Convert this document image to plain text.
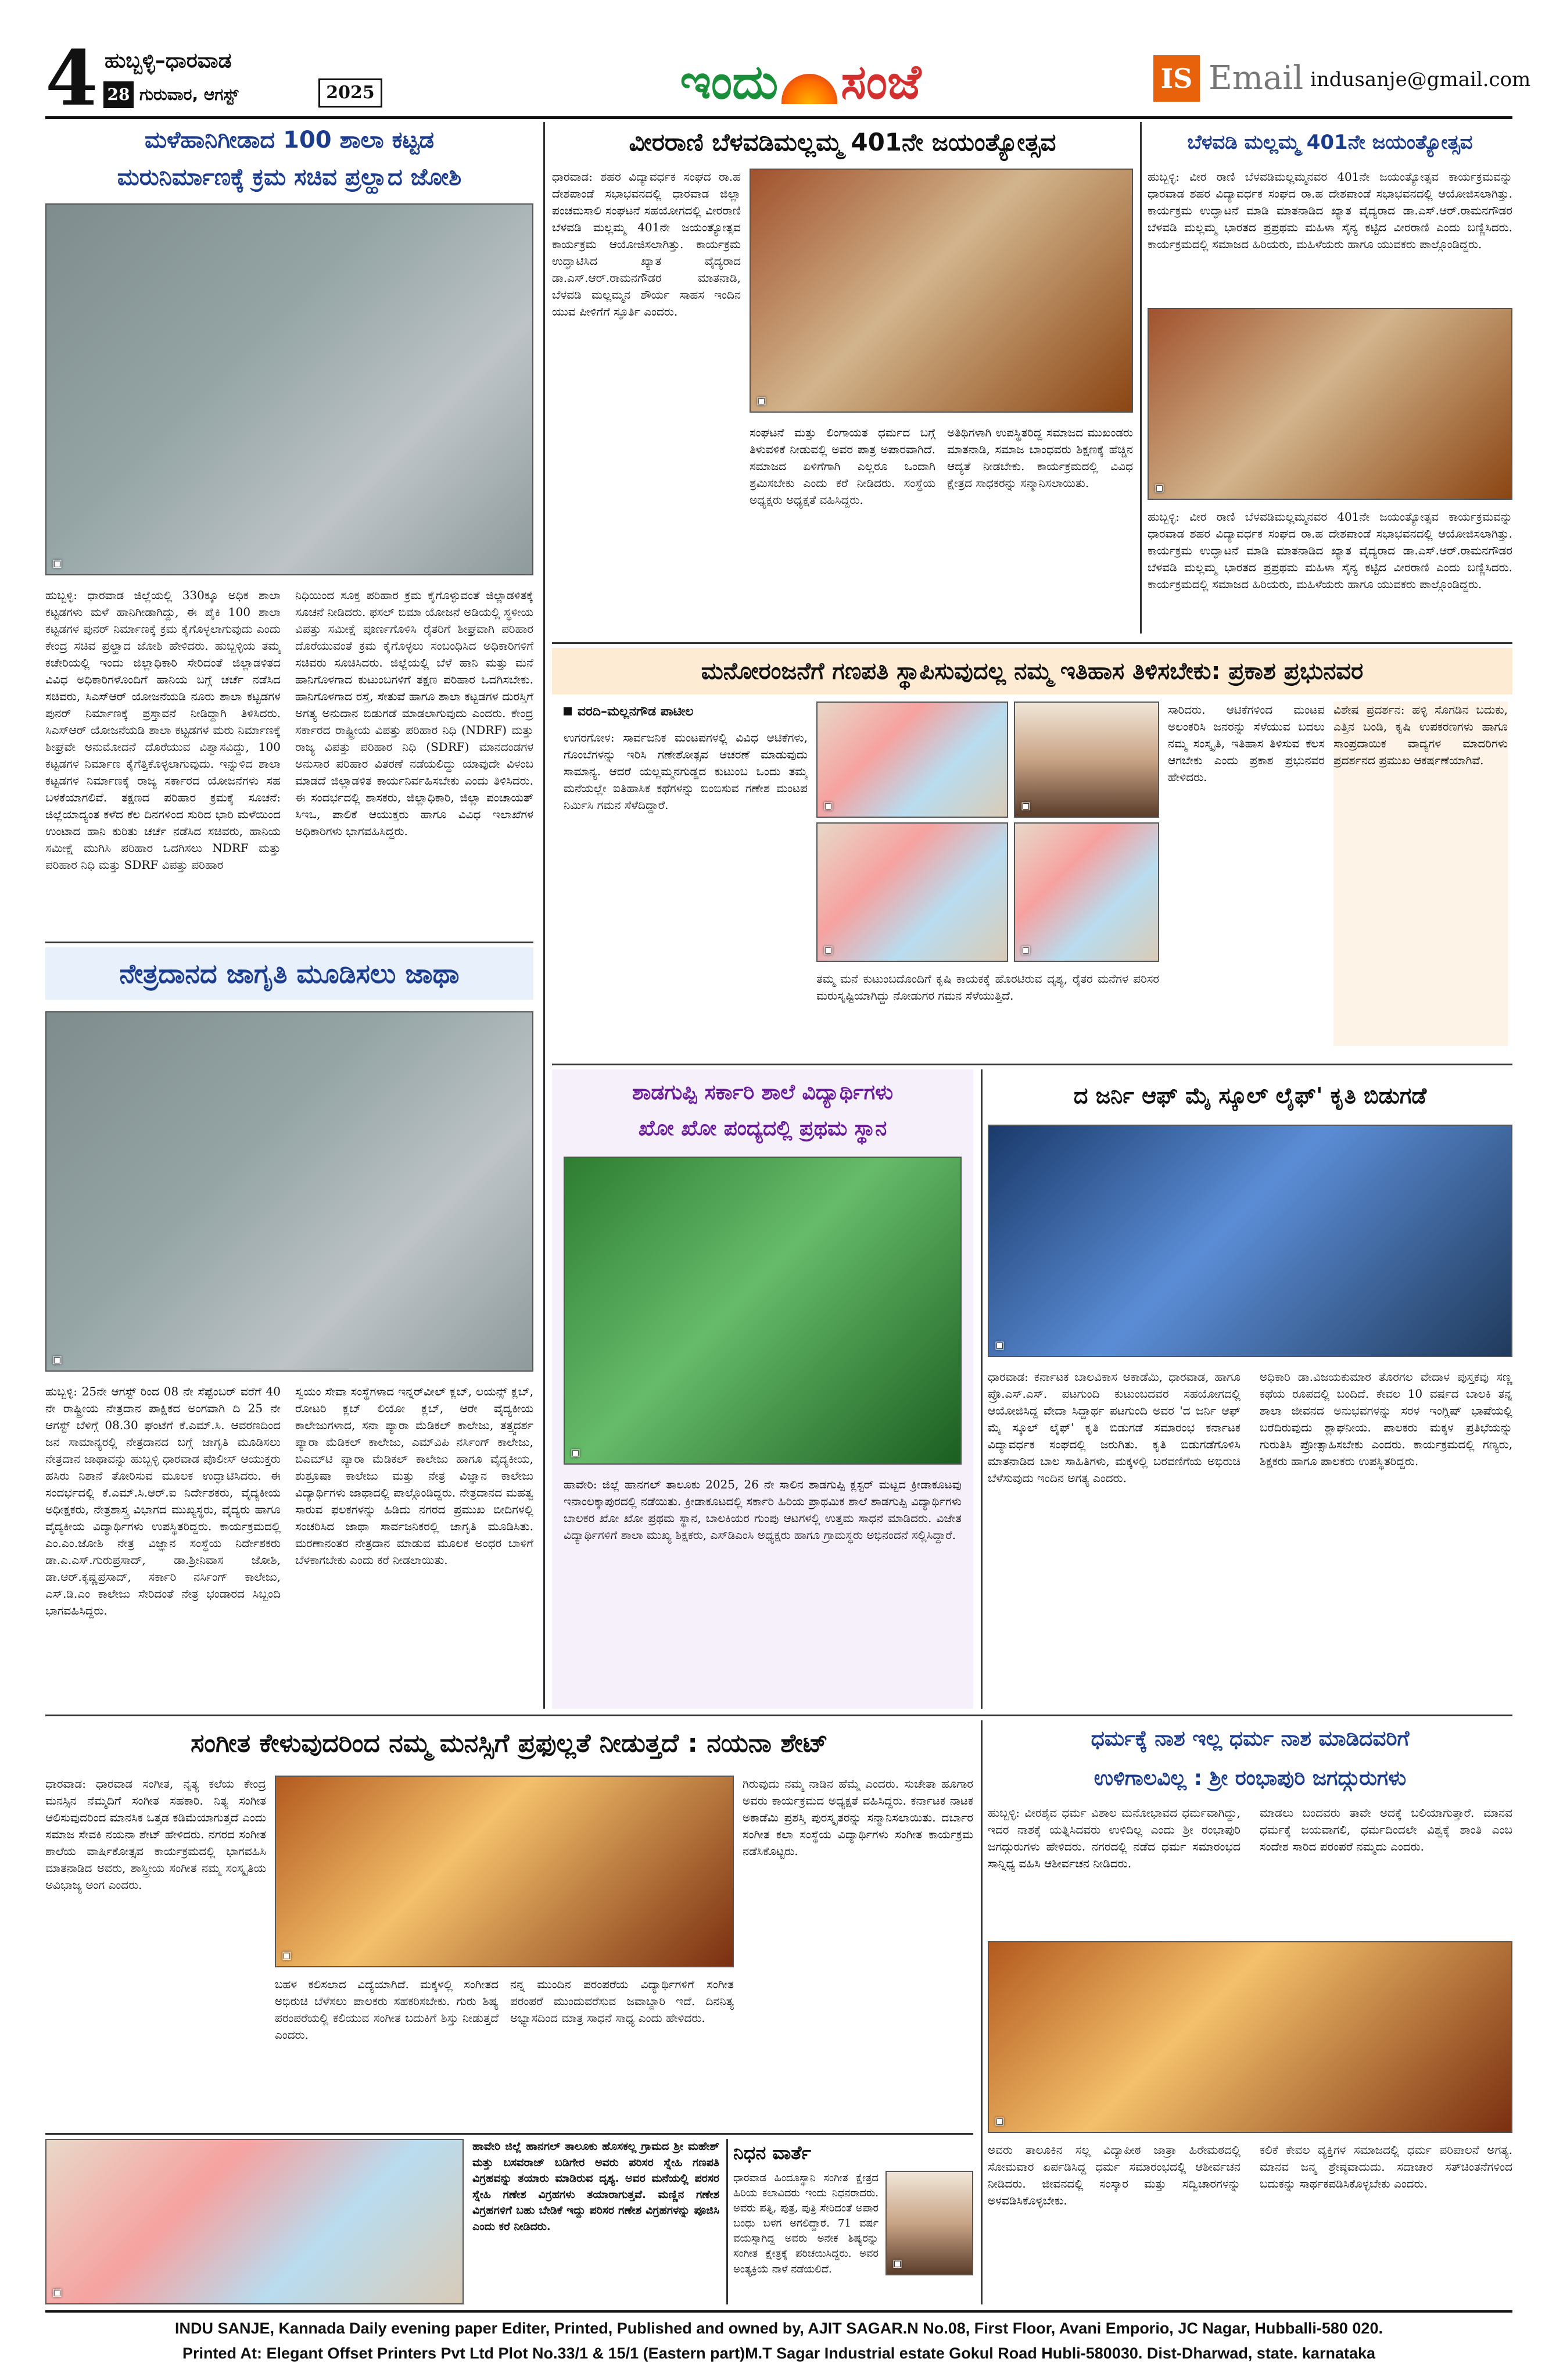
4 28
ಹುಬ್ಬಳ್ಳಿ–ಧಾರವಾಡ
ಗುರುವಾರ, ಆಗಸ್ಟ್	2025	ಇಂದು ಸಂಜೆ	IS Email indusanje@gmail.com
ಮಳೆಹಾನಿಗೀಡಾದ 100 ಶಾಲಾ ಕಟ್ಟಡ
ಮರುನಿರ್ಮಾಣಕ್ಕೆ ಕ್ರಮ ಸಚಿವ ಪ್ರಲ್ಹಾದ ಜೋಶಿ
▣
ಹುಬ್ಬಳ್ಳಿ: ಧಾರವಾಡ ಜಿಲ್ಲೆಯಲ್ಲಿ 330ಕ್ಕೂ ಅಧಿಕ ಶಾಲಾ ಕಟ್ಟಡಗಳು ಮಳೆ ಹಾನಿಗೀಡಾಗಿದ್ದು, ಈ ಪೈಕಿ 100 ಶಾಲಾ ಕಟ್ಟಡಗಳ ಪುನರ್ ನಿರ್ಮಾಣಕ್ಕೆ ಕ್ರಮ ಕೈಗೊಳ್ಳಲಾಗುವುದು ಎಂದು ಕೇಂದ್ರ ಸಚಿವ ಪ್ರಲ್ಹಾದ ಜೋಶಿ ಹೇಳಿದರು. ಹುಬ್ಬಳ್ಳಿಯ ತಮ್ಮ ಕಚೇರಿಯಲ್ಲಿ ಇಂದು ಜಿಲ್ಲಾಧಿಕಾರಿ ಸೇರಿದಂತೆ ಜಿಲ್ಲಾಡಳಿತದ ವಿವಿಧ ಅಧಿಕಾರಿಗಳೊಂದಿಗೆ ಹಾನಿಯ ಬಗ್ಗೆ ಚರ್ಚೆ ನಡೆಸಿದ ಸಚಿವರು, ಸಿಎಸ್‌ಆರ್ ಯೋಜನೆಯಡಿ ನೂರು ಶಾಲಾ ಕಟ್ಟಡಗಳ ಪುನರ್ ನಿರ್ಮಾಣಕ್ಕೆ ಪ್ರಸ್ತಾವನೆ ನೀಡಿದ್ದಾಗಿ ತಿಳಿಸಿದರು. ಸಿಎಸ್‌ಆರ್ ಯೋಜನೆಯಡಿ ಶಾಲಾ ಕಟ್ಟಡಗಳ ಮರು ನಿರ್ಮಾಣಕ್ಕೆ ಶೀಘ್ರವೇ ಅನುಮೋದನೆ ದೊರೆಯುವ ವಿಶ್ವಾಸವಿದ್ದು, 100 ಕಟ್ಟಡಗಳ ನಿರ್ಮಾಣ ಕೈಗೆತ್ತಿಕೊಳ್ಳಲಾಗುವುದು. ಇನ್ನುಳಿದ ಶಾಲಾ ಕಟ್ಟಡಗಳ ನಿರ್ಮಾಣಕ್ಕೆ ರಾಜ್ಯ ಸರ್ಕಾರದ ಯೋಜನೆಗಳು ಸಹ ಬಳಕೆಯಾಗಲಿವೆ. ತಕ್ಷಣದ ಪರಿಹಾರ ಕ್ರಮಕ್ಕೆ ಸೂಚನೆ: ಜಿಲ್ಲೆಯಾದ್ಯಂತ ಕಳೆದ ಕೆಲ ದಿನಗಳಿಂದ ಸುರಿದ ಭಾರಿ ಮಳೆಯಿಂದ ಉಂಟಾದ ಹಾನಿ ಕುರಿತು ಚರ್ಚೆ ನಡೆಸಿದ ಸಚಿವರು, ಹಾನಿಯ ಸಮೀಕ್ಷೆ ಮುಗಿಸಿ ಪರಿಹಾರ ಒದಗಿಸಲು NDRF ಮತ್ತು ಪರಿಹಾರ ನಿಧಿ ಮತ್ತು SDRF ವಿಪತ್ತು ಪರಿಹಾರ
ನಿಧಿಯಿಂದ ಸೂಕ್ತ ಪರಿಹಾರ ಕ್ರಮ ಕೈಗೊಳ್ಳುವಂತೆ ಜಿಲ್ಲಾಡಳಿತಕ್ಕೆ ಸೂಚನೆ ನೀಡಿದರು. ಫಸಲ್ ಬಿಮಾ ಯೋಜನೆ ಅಡಿಯಲ್ಲಿ ಸ್ಥಳೀಯ ವಿಪತ್ತು ಸಮೀಕ್ಷೆ ಪೂರ್ಣಗೊಳಿಸಿ ರೈತರಿಗೆ ಶೀಘ್ರವಾಗಿ ಪರಿಹಾರ ದೊರೆಯುವಂತೆ ಕ್ರಮ ಕೈಗೊಳ್ಳಲು ಸಂಬಂಧಿಸಿದ ಅಧಿಕಾರಿಗಳಿಗೆ ಸಚಿವರು ಸೂಚಿಸಿದರು. ಜಿಲ್ಲೆಯಲ್ಲಿ ಬೆಳೆ ಹಾನಿ ಮತ್ತು ಮನೆ ಹಾನಿಗೊಳಗಾದ ಕುಟುಂಬಗಳಿಗೆ ತಕ್ಷಣ ಪರಿಹಾರ ಒದಗಿಸಬೇಕು. ಹಾನಿಗೊಳಗಾದ ರಸ್ತೆ, ಸೇತುವೆ ಹಾಗೂ ಶಾಲಾ ಕಟ್ಟಡಗಳ ದುರಸ್ತಿಗೆ ಅಗತ್ಯ ಅನುದಾನ ಬಿಡುಗಡೆ ಮಾಡಲಾಗುವುದು ಎಂದರು. ಕೇಂದ್ರ ಸರ್ಕಾರದ ರಾಷ್ಟ್ರೀಯ ವಿಪತ್ತು ಪರಿಹಾರ ನಿಧಿ (NDRF) ಮತ್ತು ರಾಜ್ಯ ವಿಪತ್ತು ಪರಿಹಾರ ನಿಧಿ (SDRF) ಮಾನದಂಡಗಳ ಅನುಸಾರ ಪರಿಹಾರ ವಿತರಣೆ ನಡೆಯಲಿದ್ದು ಯಾವುದೇ ವಿಳಂಬ ಮಾಡದೆ ಜಿಲ್ಲಾಡಳಿತ ಕಾರ್ಯನಿರ್ವಹಿಸಬೇಕು ಎಂದು ತಿಳಿಸಿದರು. ಈ ಸಂದರ್ಭದಲ್ಲಿ ಶಾಸಕರು, ಜಿಲ್ಲಾಧಿಕಾರಿ, ಜಿಲ್ಲಾ ಪಂಚಾಯತ್ ಸಿಇಒ, ಪಾಲಿಕೆ ಆಯುಕ್ತರು ಹಾಗೂ ವಿವಿಧ ಇಲಾಖೆಗಳ ಅಧಿಕಾರಿಗಳು ಭಾಗವಹಿಸಿದ್ದರು.
ನೇತ್ರದಾನದ ಜಾಗೃತಿ ಮೂಡಿಸಲು ಜಾಥಾ
▣
ಹುಬ್ಬಳ್ಳಿ: 25ನೇ ಆಗಸ್ಟ್ ರಿಂದ 08 ನೇ ಸೆಪ್ಟೆಂಬರ್ ವರೆಗೆ 40 ನೇ ರಾಷ್ಟ್ರೀಯ ನೇತ್ರದಾನ ಪಾಕ್ಷಿಕದ ಅಂಗವಾಗಿ ದಿ 25 ನೇ ಆಗಸ್ಟ್ ಬೆಳಿಗ್ಗೆ 08.30 ಘಂಟೆಗೆ ಕೆ.ಎಮ್.ಸಿ. ಆವರಣದಿಂದ ಜನ ಸಾಮಾನ್ಯರಲ್ಲಿ ನೇತ್ರದಾನದ ಬಗ್ಗೆ ಜಾಗೃತಿ ಮೂಡಿಸಲು ನೇತ್ರದಾನ ಜಾಥಾವನ್ನು ಹುಬ್ಬಳ್ಳಿ ಧಾರವಾಡ ಪೊಲೀಸ್ ಆಯುಕ್ತರು ಹಸಿರು ನಿಶಾನೆ ತೋರಿಸುವ ಮೂಲಕ ಉದ್ಘಾಟಿಸಿದರು. ಈ ಸಂದರ್ಭದಲ್ಲಿ ಕೆ.ಎಮ್.ಸಿ.ಆರ್.ಐ ನಿರ್ದೇಶಕರು, ವೈದ್ಯಕೀಯ ಅಧೀಕ್ಷಕರು, ನೇತ್ರಶಾಸ್ತ್ರ ವಿಭಾಗದ ಮುಖ್ಯಸ್ಥರು, ವೈದ್ಯರು ಹಾಗೂ ವೈದ್ಯಕೀಯ ವಿದ್ಯಾರ್ಥಿಗಳು ಉಪಸ್ಥಿತರಿದ್ದರು. ಕಾರ್ಯಕ್ರಮದಲ್ಲಿ ಎಂ.ಎಂ.ಜೋಶಿ ನೇತ್ರ ವಿಜ್ಞಾನ ಸಂಸ್ಥೆಯ ನಿರ್ದೇಶಕರು ಡಾ.ಎ.ಎಸ್.ಗುರುಪ್ರಸಾದ್, ಡಾ.ಶ್ರೀನಿವಾಸ ಜೋಶಿ, ಡಾ.ಆರ್.ಕೃಷ್ಣಪ್ರಸಾದ್, ಸರ್ಕಾರಿ ನರ್ಸಿಂಗ್ ಕಾಲೇಜು, ಎಸ್.ಡಿ.ಎಂ ಕಾಲೇಜು ಸೇರಿದಂತೆ ನೇತ್ರ ಭಂಡಾರದ ಸಿಬ್ಬಂದಿ ಭಾಗವಹಿಸಿದ್ದರು.
ಸ್ವಯಂ ಸೇವಾ ಸಂಸ್ಥೆಗಳಾದ ಇನ್ನರ್‌ವೀಲ್ ಕ್ಲಬ್, ಲಯನ್ಸ್ ಕ್ಲಬ್, ರೋಟರಿ ಕ್ಲಬ್ ಲಿಯೋ ಕ್ಲಬ್, ಆರೇ ವೈದ್ಯಕೀಯ ಕಾಲೇಜುಗಳಾದ, ಸನಾ ಪ್ಯಾರಾ ಮೆಡಿಕಲ್ ಕಾಲೇಜು, ತತ್ತ್ವದರ್ಶ ಪ್ಯಾರಾ ಮೆಡಿಕಲ್ ಕಾಲೇಜು, ಎಮ್‌ವಿಪಿ ನರ್ಸಿಂಗ್ ಕಾಲೇಜು, ಬಿಎಮ್‌ಟಿ ಪ್ಯಾರಾ ಮೆಡಿಕಲ್ ಕಾಲೇಜು ಹಾಗೂ ವೈದ್ಯಕೀಯ, ಶುಶ್ರೂಷಾ ಕಾಲೇಜು ಮತ್ತು ನೇತ್ರ ವಿಜ್ಞಾನ ಕಾಲೇಜು ವಿದ್ಯಾರ್ಥಿಗಳು ಜಾಥಾದಲ್ಲಿ ಪಾಲ್ಗೊಂಡಿದ್ದರು. ನೇತ್ರದಾನದ ಮಹತ್ವ ಸಾರುವ ಫಲಕಗಳನ್ನು ಹಿಡಿದು ನಗರದ ಪ್ರಮುಖ ಬೀದಿಗಳಲ್ಲಿ ಸಂಚರಿಸಿದ ಜಾಥಾ ಸಾರ್ವಜನಿಕರಲ್ಲಿ ಜಾಗೃತಿ ಮೂಡಿಸಿತು. ಮರಣಾನಂತರ ನೇತ್ರದಾನ ಮಾಡುವ ಮೂಲಕ ಅಂಧರ ಬಾಳಿಗೆ ಬೆಳಕಾಗಬೇಕು ಎಂದು ಕರೆ ನೀಡಲಾಯಿತು.
ವೀರರಾಣಿ ಬೆಳವಡಿಮಲ್ಲಮ್ಮ 401ನೇ ಜಯಂತ್ಯೋತ್ಸವ
ಧಾರವಾಡ: ಶಹರ ವಿದ್ಯಾವರ್ಧಕ ಸಂಘದ ರಾ.ಹ ದೇಶಪಾಂಡೆ ಸಭಾಭವನದಲ್ಲಿ ಧಾರವಾಡ ಜಿಲ್ಲಾ ಪಂಚಮಸಾಲಿ ಸಂಘಟನೆ ಸಹಯೋಗದಲ್ಲಿ ವೀರರಾಣಿ ಬೆಳವಡಿ ಮಲ್ಲಮ್ಮ 401ನೇ ಜಯಂತ್ಯೋತ್ಸವ ಕಾರ್ಯಕ್ರಮ ಆಯೋಜಿಸಲಾಗಿತ್ತು. ಕಾರ್ಯಕ್ರಮ ಉದ್ಘಾಟಿಸಿದ ಖ್ಯಾತ ವೈದ್ಯರಾದ ಡಾ.ಎಸ್.ಆರ್.ರಾಮನಗೌಡರ ಮಾತನಾಡಿ, ಬೆಳವಡಿ ಮಲ್ಲಮ್ಮನ ಶೌರ್ಯ ಸಾಹಸ ಇಂದಿನ ಯುವ ಪೀಳಿಗೆಗೆ ಸ್ಫೂರ್ತಿ ಎಂದರು.
▣
ಸಂಘಟನೆ ಮತ್ತು ಲಿಂಗಾಯತ ಧರ್ಮದ ಬಗ್ಗೆ ತಿಳುವಳಿಕೆ ನೀಡುವಲ್ಲಿ ಅವರ ಪಾತ್ರ ಅಪಾರವಾಗಿದೆ. ಸಮಾಜದ ಏಳಿಗೆಗಾಗಿ ಎಲ್ಲರೂ ಒಂದಾಗಿ ಶ್ರಮಿಸಬೇಕು ಎಂದು ಕರೆ ನೀಡಿದರು. ಸಂಸ್ಥೆಯ ಅಧ್ಯಕ್ಷರು ಅಧ್ಯಕ್ಷತೆ ವಹಿಸಿದ್ದರು.
ಅತಿಥಿಗಳಾಗಿ ಉಪಸ್ಥಿತರಿದ್ದ ಸಮಾಜದ ಮುಖಂಡರು ಮಾತನಾಡಿ, ಸಮಾಜ ಬಾಂಧವರು ಶಿಕ್ಷಣಕ್ಕೆ ಹೆಚ್ಚಿನ ಆದ್ಯತೆ ನೀಡಬೇಕು. ಕಾರ್ಯಕ್ರಮದಲ್ಲಿ ವಿವಿಧ ಕ್ಷೇತ್ರದ ಸಾಧಕರನ್ನು ಸನ್ಮಾನಿಸಲಾಯಿತು.
ಬೆಳವಡಿ ಮಲ್ಲಮ್ಮ 401ನೇ ಜಯಂತ್ಯೋತ್ಸವ
ಹುಬ್ಬಳ್ಳಿ: ವೀರ ರಾಣಿ ಬೆಳವಡಿಮಲ್ಲಮ್ಮನವರ 401ನೇ ಜಯಂತ್ಯೋತ್ಸವ ಕಾರ್ಯಕ್ರಮವನ್ನು ಧಾರವಾಡ ಶಹರ ವಿದ್ಯಾವರ್ಧಕ ಸಂಘದ ರಾ.ಹ ದೇಶಪಾಂಡೆ ಸಭಾಭವನದಲ್ಲಿ ಆಯೋಜಿಸಲಾಗಿತ್ತು. ಕಾರ್ಯಕ್ರಮ ಉದ್ಘಾಟನೆ ಮಾಡಿ ಮಾತನಾಡಿದ ಖ್ಯಾತ ವೈದ್ಯರಾದ ಡಾ.ಎಸ್.ಆರ್.ರಾಮನಗೌಡರ ಬೆಳವಡಿ ಮಲ್ಲಮ್ಮ ಭಾರತದ ಪ್ರಪ್ರಥಮ ಮಹಿಳಾ ಸೈನ್ಯ ಕಟ್ಟಿದ ವೀರರಾಣಿ ಎಂದು ಬಣ್ಣಿಸಿದರು. ಕಾರ್ಯಕ್ರಮದಲ್ಲಿ ಸಮಾಜದ ಹಿರಿಯರು, ಮಹಿಳೆಯರು ಹಾಗೂ ಯುವಕರು ಪಾಲ್ಗೊಂಡಿದ್ದರು.
▣
ಹುಬ್ಬಳ್ಳಿ: ವೀರ ರಾಣಿ ಬೆಳವಡಿಮಲ್ಲಮ್ಮನವರ 401ನೇ ಜಯಂತ್ಯೋತ್ಸವ ಕಾರ್ಯಕ್ರಮವನ್ನು ಧಾರವಾಡ ಶಹರ ವಿದ್ಯಾವರ್ಧಕ ಸಂಘದ ರಾ.ಹ ದೇಶಪಾಂಡೆ ಸಭಾಭವನದಲ್ಲಿ ಆಯೋಜಿಸಲಾಗಿತ್ತು. ಕಾರ್ಯಕ್ರಮ ಉದ್ಘಾಟನೆ ಮಾಡಿ ಮಾತನಾಡಿದ ಖ್ಯಾತ ವೈದ್ಯರಾದ ಡಾ.ಎಸ್.ಆರ್.ರಾಮನಗೌಡರ ಬೆಳವಡಿ ಮಲ್ಲಮ್ಮ ಭಾರತದ ಪ್ರಪ್ರಥಮ ಮಹಿಳಾ ಸೈನ್ಯ ಕಟ್ಟಿದ ವೀರರಾಣಿ ಎಂದು ಬಣ್ಣಿಸಿದರು. ಕಾರ್ಯಕ್ರಮದಲ್ಲಿ ಸಮಾಜದ ಹಿರಿಯರು, ಮಹಿಳೆಯರು ಹಾಗೂ ಯುವಕರು ಪಾಲ್ಗೊಂಡಿದ್ದರು.
ಮನೋರಂಜನೆಗೆ ಗಣಪತಿ ಸ್ಥಾಪಿಸುವುದಲ್ಲ ನಮ್ಮ ಇತಿಹಾಸ ತಿಳಿಸಬೇಕು: ಪ್ರಕಾಶ ಪ್ರಭುನವರ
ವರದಿ–ಮಲ್ಲನಗೌಡ ಪಾಟೀಲ
ಉಗರಗೋಳ: ಸಾರ್ವಜನಿಕ ಮಂಟಪಗಳಲ್ಲಿ ವಿವಿಧ ಆಟಿಕೆಗಳು, ಗೊಂಬೆಗಳನ್ನು ಇರಿಸಿ ಗಣೇಶೋತ್ಸವ ಆಚರಣೆ ಮಾಡುವುದು ಸಾಮಾನ್ಯ. ಆದರೆ ಯಲ್ಲಮ್ಮನಗುಡ್ಡದ ಕುಟುಂಬ ಒಂದು ತಮ್ಮ ಮನೆಯಲ್ಲೇ ಐತಿಹಾಸಿಕ ಕಥೆಗಳನ್ನು ಬಿಂಬಿಸುವ ಗಣೇಶ ಮಂಟಪ ನಿರ್ಮಿಸಿ ಗಮನ ಸೆಳೆದಿದ್ದಾರೆ.	▣
▣
▣
▣
ತಮ್ಮ ಮನೆ ಕುಟುಂಬದೊಂದಿಗೆ ಕೃಷಿ ಕಾಯಕಕ್ಕೆ ಹೊರಟಿರುವ ದೃಶ್ಯ, ರೈತರ ಮನೆಗಳ ಪರಿಸರ ಮರುಸೃಷ್ಟಿಯಾಗಿದ್ದು ನೋಡುಗರ ಗಮನ ಸೆಳೆಯುತ್ತಿದೆ.
ಸಾರಿದರು. ಆಟಿಕೆಗಳಿಂದ ಮಂಟಪ ಅಲಂಕರಿಸಿ ಜನರನ್ನು ಸೆಳೆಯುವ ಬದಲು ನಮ್ಮ ಸಂಸ್ಕೃತಿ, ಇತಿಹಾಸ ತಿಳಿಸುವ ಕೆಲಸ ಆಗಬೇಕು ಎಂದು ಪ್ರಕಾಶ ಪ್ರಭುನವರ ಹೇಳಿದರು.
ವಿಶೇಷ ಪ್ರದರ್ಶನ: ಹಳ್ಳಿ ಸೊಗಡಿನ ಬದುಕು, ಎತ್ತಿನ ಬಂಡಿ, ಕೃಷಿ ಉಪಕರಣಗಳು ಹಾಗೂ ಸಾಂಪ್ರದಾಯಿಕ ವಾದ್ಯಗಳ ಮಾದರಿಗಳು ಪ್ರದರ್ಶನದ ಪ್ರಮುಖ ಆಕರ್ಷಣೆಯಾಗಿವೆ.
ಶಾಡಗುಪ್ಪಿ ಸರ್ಕಾರಿ ಶಾಲೆ ವಿದ್ಯಾರ್ಥಿಗಳು
ಖೋ ಖೋ ಪಂದ್ಯದಲ್ಲಿ ಪ್ರಥಮ ಸ್ಥಾನ
▣
ಹಾವೇರಿ: ಜಿಲ್ಲೆ ಹಾನಗಲ್ ತಾಲೂಕು 2025, 26 ನೇ ಸಾಲಿನ ಶಾಡಗುಪ್ಪಿ ಕ್ಲಸ್ಟರ್ ಮಟ್ಟದ ಕ್ರೀಡಾಕೂಟವು ಇನಾಂಲಕ್ಕಾಪುರದಲ್ಲಿ ನಡೆಯಿತು. ಕ್ರೀಡಾಕೂಟದಲ್ಲಿ ಸರ್ಕಾರಿ ಹಿರಿಯ ಪ್ರಾಥಮಿಕ ಶಾಲೆ ಶಾಡಗುಪ್ಪಿ ವಿದ್ಯಾರ್ಥಿಗಳು ಬಾಲಕರ ಖೋ ಖೋ ಪ್ರಥಮ ಸ್ಥಾನ, ಬಾಲಕಿಯರ ಗುಂಪು ಆಟಗಳಲ್ಲಿ ಉತ್ತಮ ಸಾಧನೆ ಮಾಡಿದರು. ವಿಜೇತ ವಿದ್ಯಾರ್ಥಿಗಳಿಗೆ ಶಾಲಾ ಮುಖ್ಯ ಶಿಕ್ಷಕರು, ಎಸ್‌ಡಿಎಂಸಿ ಅಧ್ಯಕ್ಷರು ಹಾಗೂ ಗ್ರಾಮಸ್ಥರು ಅಭಿನಂದನೆ ಸಲ್ಲಿಸಿದ್ದಾರೆ.
ದ ಜರ್ನಿ ಆಫ್ ಮೈ ಸ್ಕೂಲ್ ಲೈಫ್' ಕೃತಿ ಬಿಡುಗಡೆ
▣
ಧಾರವಾಡ: ಕರ್ನಾಟಕ ಬಾಲವಿಕಾಸ ಅಕಾಡೆಮಿ, ಧಾರವಾಡ, ಹಾಗೂ ಪ್ರೊ.ಎಸ್.ಎಸ್. ಪಟಗುಂದಿ ಕುಟುಂಬದವರ ಸಹಯೋಗದಲ್ಲಿ ಆಯೋಜಿಸಿದ್ದ ವೇದಾ ಸಿದ್ದಾರ್ಥ ಪಟಗುಂದಿ ಅವರ 'ದ ಜರ್ನಿ ಆಫ್ ಮೈ ಸ್ಕೂಲ್ ಲೈಫ್' ಕೃತಿ ಬಿಡುಗಡೆ ಸಮಾರಂಭ ಕರ್ನಾಟಕ ವಿದ್ಯಾವರ್ಧಕ ಸಂಘದಲ್ಲಿ ಜರುಗಿತು. ಕೃತಿ ಬಿಡುಗಡೆಗೊಳಿಸಿ ಮಾತನಾಡಿದ ಬಾಲ ಸಾಹಿತಿಗಳು, ಮಕ್ಕಳಲ್ಲಿ ಬರವಣಿಗೆಯ ಅಭಿರುಚಿ ಬೆಳೆಸುವುದು ಇಂದಿನ ಅಗತ್ಯ ಎಂದರು.
ಅಧಿಕಾರಿ ಡಾ.ವಿಜಯಕುಮಾರ ತೊರಗಲ ವೇದಾಳ ಪುಸ್ತಕವು ಸಣ್ಣ ಕಥೆಯ ರೂಪದಲ್ಲಿ ಬಂದಿದೆ. ಕೇವಲ 10 ವರ್ಷದ ಬಾಲಕಿ ತನ್ನ ಶಾಲಾ ಜೀವನದ ಅನುಭವಗಳನ್ನು ಸರಳ ಇಂಗ್ಲಿಷ್ ಭಾಷೆಯಲ್ಲಿ ಬರೆದಿರುವುದು ಶ್ಲಾಘನೀಯ. ಪಾಲಕರು ಮಕ್ಕಳ ಪ್ರತಿಭೆಯನ್ನು ಗುರುತಿಸಿ ಪ್ರೋತ್ಸಾಹಿಸಬೇಕು ಎಂದರು. ಕಾರ್ಯಕ್ರಮದಲ್ಲಿ ಗಣ್ಯರು, ಶಿಕ್ಷಕರು ಹಾಗೂ ಪಾಲಕರು ಉಪಸ್ಥಿತರಿದ್ದರು.
ಸಂಗೀತ ಕೇಳುವುದರಿಂದ ನಮ್ಮ ಮನಸ್ಸಿಗೆ ಪ್ರಫುಲ್ಲತೆ ನೀಡುತ್ತದೆ : ನಯನಾ ಶೇಟ್
ಧಾರವಾಡ: ಧಾರವಾಡ ಸಂಗೀತ, ನೃತ್ಯ ಕಲೆಯ ಕೇಂದ್ರ ಮನಸ್ಸಿನ ನೆಮ್ಮದಿಗೆ ಸಂಗೀತ ಸಹಕಾರಿ. ನಿತ್ಯ ಸಂಗೀತ ಆಲಿಸುವುದರಿಂದ ಮಾನಸಿಕ ಒತ್ತಡ ಕಡಿಮೆಯಾಗುತ್ತದೆ ಎಂದು ಸಮಾಜ ಸೇವಕಿ ನಯನಾ ಶೇಟ್ ಹೇಳಿದರು. ನಗರದ ಸಂಗೀತ ಶಾಲೆಯ ವಾರ್ಷಿಕೋತ್ಸವ ಕಾರ್ಯಕ್ರಮದಲ್ಲಿ ಭಾಗವಹಿಸಿ ಮಾತನಾಡಿದ ಅವರು, ಶಾಸ್ತ್ರೀಯ ಸಂಗೀತ ನಮ್ಮ ಸಂಸ್ಕೃತಿಯ ಅವಿಭಾಜ್ಯ ಅಂಗ ಎಂದರು.
▣
ಬಹಳ ಕಲಿಸಲಾದ ವಿದ್ಯೆಯಾಗಿದೆ. ಮಕ್ಕಳಲ್ಲಿ ಸಂಗೀತದ ಅಭಿರುಚಿ ಬೆಳೆಸಲು ಪಾಲಕರು ಸಹಕರಿಸಬೇಕು. ಗುರು ಶಿಷ್ಯ ಪರಂಪರೆಯಲ್ಲಿ ಕಲಿಯುವ ಸಂಗೀತ ಬದುಕಿಗೆ ಶಿಸ್ತು ನೀಡುತ್ತದೆ ಎಂದರು.
ನನ್ನ ಮುಂದಿನ ಪರಂಪರೆಯ ವಿದ್ಯಾರ್ಥಿಗಳಿಗೆ ಸಂಗೀತ ಪರಂಪರೆ ಮುಂದುವರೆಸುವ ಜವಾಬ್ದಾರಿ ಇದೆ. ದಿನನಿತ್ಯ ಅಭ್ಯಾಸದಿಂದ ಮಾತ್ರ ಸಾಧನೆ ಸಾಧ್ಯ ಎಂದು ಹೇಳಿದರು.
ಗಿರುವುದು ನಮ್ಮ ನಾಡಿನ ಹೆಮ್ಮೆ ಎಂದರು. ಸುಚೇತಾ ಹೂಗಾರ ಅವರು ಕಾರ್ಯಕ್ರಮದ ಅಧ್ಯಕ್ಷತೆ ವಹಿಸಿದ್ದರು. ಕರ್ನಾಟಕ ನಾಟಕ ಅಕಾಡೆಮಿ ಪ್ರಶಸ್ತಿ ಪುರಸ್ಕೃತರನ್ನು ಸನ್ಮಾನಿಸಲಾಯಿತು. ದರ್ಬಾರ ಸಂಗೀತ ಕಲಾ ಸಂಸ್ಥೆಯ ವಿದ್ಯಾರ್ಥಿಗಳು ಸಂಗೀತ ಕಾರ್ಯಕ್ರಮ ನಡೆಸಿಕೊಟ್ಟರು.
ಧರ್ಮಕ್ಕೆ ನಾಶ ಇಲ್ಲ ಧರ್ಮ ನಾಶ ಮಾಡಿದವರಿಗೆ
ಉಳಿಗಾಲವಿಲ್ಲ : ಶ್ರೀ ರಂಭಾಪುರಿ ಜಗದ್ಗುರುಗಳು
ಹುಬ್ಬಳ್ಳಿ: ವೀರಶೈವ ಧರ್ಮ ವಿಶಾಲ ಮನೋಭಾವದ ಧರ್ಮವಾಗಿದ್ದು, ಇದರ ನಾಶಕ್ಕೆ ಯತ್ನಿಸಿದವರು ಉಳಿದಿಲ್ಲ ಎಂದು ಶ್ರೀ ರಂಭಾಪುರಿ ಜಗದ್ಗುರುಗಳು ಹೇಳಿದರು. ನಗರದಲ್ಲಿ ನಡೆದ ಧರ್ಮ ಸಮಾರಂಭದ ಸಾನ್ನಿಧ್ಯ ವಹಿಸಿ ಆಶೀರ್ವಚನ ನೀಡಿದರು.
ಮಾಡಲು ಬಂದವರು ತಾವೇ ಅದಕ್ಕೆ ಬಲಿಯಾಗುತ್ತಾರೆ. ಮಾನವ ಧರ್ಮಕ್ಕೆ ಜಯವಾಗಲಿ, ಧರ್ಮದಿಂದಲೇ ವಿಶ್ವಕ್ಕೆ ಶಾಂತಿ ಎಂಬ ಸಂದೇಶ ಸಾರಿದ ಪರಂಪರೆ ನಮ್ಮದು ಎಂದರು.
▣
ಅವರು ತಾಲೂಕಿನ ಸಲ್ಲ ವಿದ್ಯಾಪೀಠ ಜಾತ್ರಾ ಹಿರೇಮಠದಲ್ಲಿ ಸೋಮವಾರ ಏರ್ಪಡಿಸಿದ್ದ ಧರ್ಮ ಸಮಾರಂಭದಲ್ಲಿ ಆಶೀರ್ವಚನ ನೀಡಿದರು. ಜೀವನದಲ್ಲಿ ಸಂಸ್ಕಾರ ಮತ್ತು ಸದ್ವಿಚಾರಗಳನ್ನು ಅಳವಡಿಸಿಕೊಳ್ಳಬೇಕು.
ಕಲಿಕೆ ಕೇವಲ ವ್ಯಕ್ತಿಗಳ ಸಮಾಜದಲ್ಲಿ ಧರ್ಮ ಪರಿಪಾಲನೆ ಅಗತ್ಯ. ಮಾನವ ಜನ್ಮ ಶ್ರೇಷ್ಠವಾದುದು. ಸದಾಚಾರ ಸತ್‌ಚಿಂತನೆಗಳಿಂದ ಬದುಕನ್ನು ಸಾರ್ಥಕಪಡಿಸಿಕೊಳ್ಳಬೇಕು ಎಂದರು.
▣
ಹಾವೇರಿ ಜಿಲ್ಲೆ ಹಾನಗಲ್ ತಾಲೂಕು ಹೊಸಕಲ್ಲ ಗ್ರಾಮದ ಶ್ರೀ ಮಹೇಶ್ ಮತ್ತು ಬಸವರಾಜ್ ಬಡಿಗೇರ ಅವರು ಪರಿಸರ ಸ್ನೇಹಿ ಗಣಪತಿ ವಿಗ್ರಹವನ್ನು ತಯಾರು ಮಾಡಿರುವ ದೃಶ್ಯ. ಅವರ ಮನೆಯಲ್ಲಿ ಪರಸರ ಸ್ನೇಹಿ ಗಣೇಶ ವಿಗ್ರಹಗಳು ತಯಾರಾಗುತ್ತವೆ. ಮಣ್ಣಿನ ಗಣೇಶ ವಿಗ್ರಹಗಳಿಗೆ ಬಹು ಬೇಡಿಕೆ ಇದ್ದು ಪರಿಸರ ಗಣೇಶ ವಿಗ್ರಹಗಳನ್ನು ಪೂಜಿಸಿ ಎಂದು ಕರೆ ನೀಡಿದರು.
ನಿಧನ ವಾರ್ತೆ
ಧಾರವಾಡ ಹಿಂದೂಸ್ಥಾನಿ ಸಂಗೀತ ಕ್ಷೇತ್ರದ ಹಿರಿಯ ಕಲಾವಿದರು ಇಂದು ನಿಧನರಾದರು. ಅವರು ಪತ್ನಿ, ಪುತ್ರ, ಪುತ್ರಿ ಸೇರಿದಂತೆ ಅಪಾರ ಬಂಧು ಬಳಗ ಅಗಲಿದ್ದಾರೆ. 71 ವರ್ಷ ವಯಸ್ಸಾಗಿದ್ದ ಅವರು ಅನೇಕ ಶಿಷ್ಯರನ್ನು ಸಂಗೀತ ಕ್ಷೇತ್ರಕ್ಕೆ ಪರಿಚಯಿಸಿದ್ದರು. ಅವರ ಅಂತ್ಯಕ್ರಿಯೆ ನಾಳೆ ನಡೆಯಲಿದೆ.	▣
INDU SANJE, Kannada Daily evening paper Editer, Printed, Published and owned by, AJIT SAGAR.N No.08, First Floor, Avani Emporio, JC Nagar, Hubballi-580 020.
Printed At: Elegant Offset Printers Pvt Ltd Plot No.33/1 & 15/1 (Eastern part)M.T Sagar Industrial estate Gokul Road Hubli-580030. Dist-Dharwad, state. karnataka
